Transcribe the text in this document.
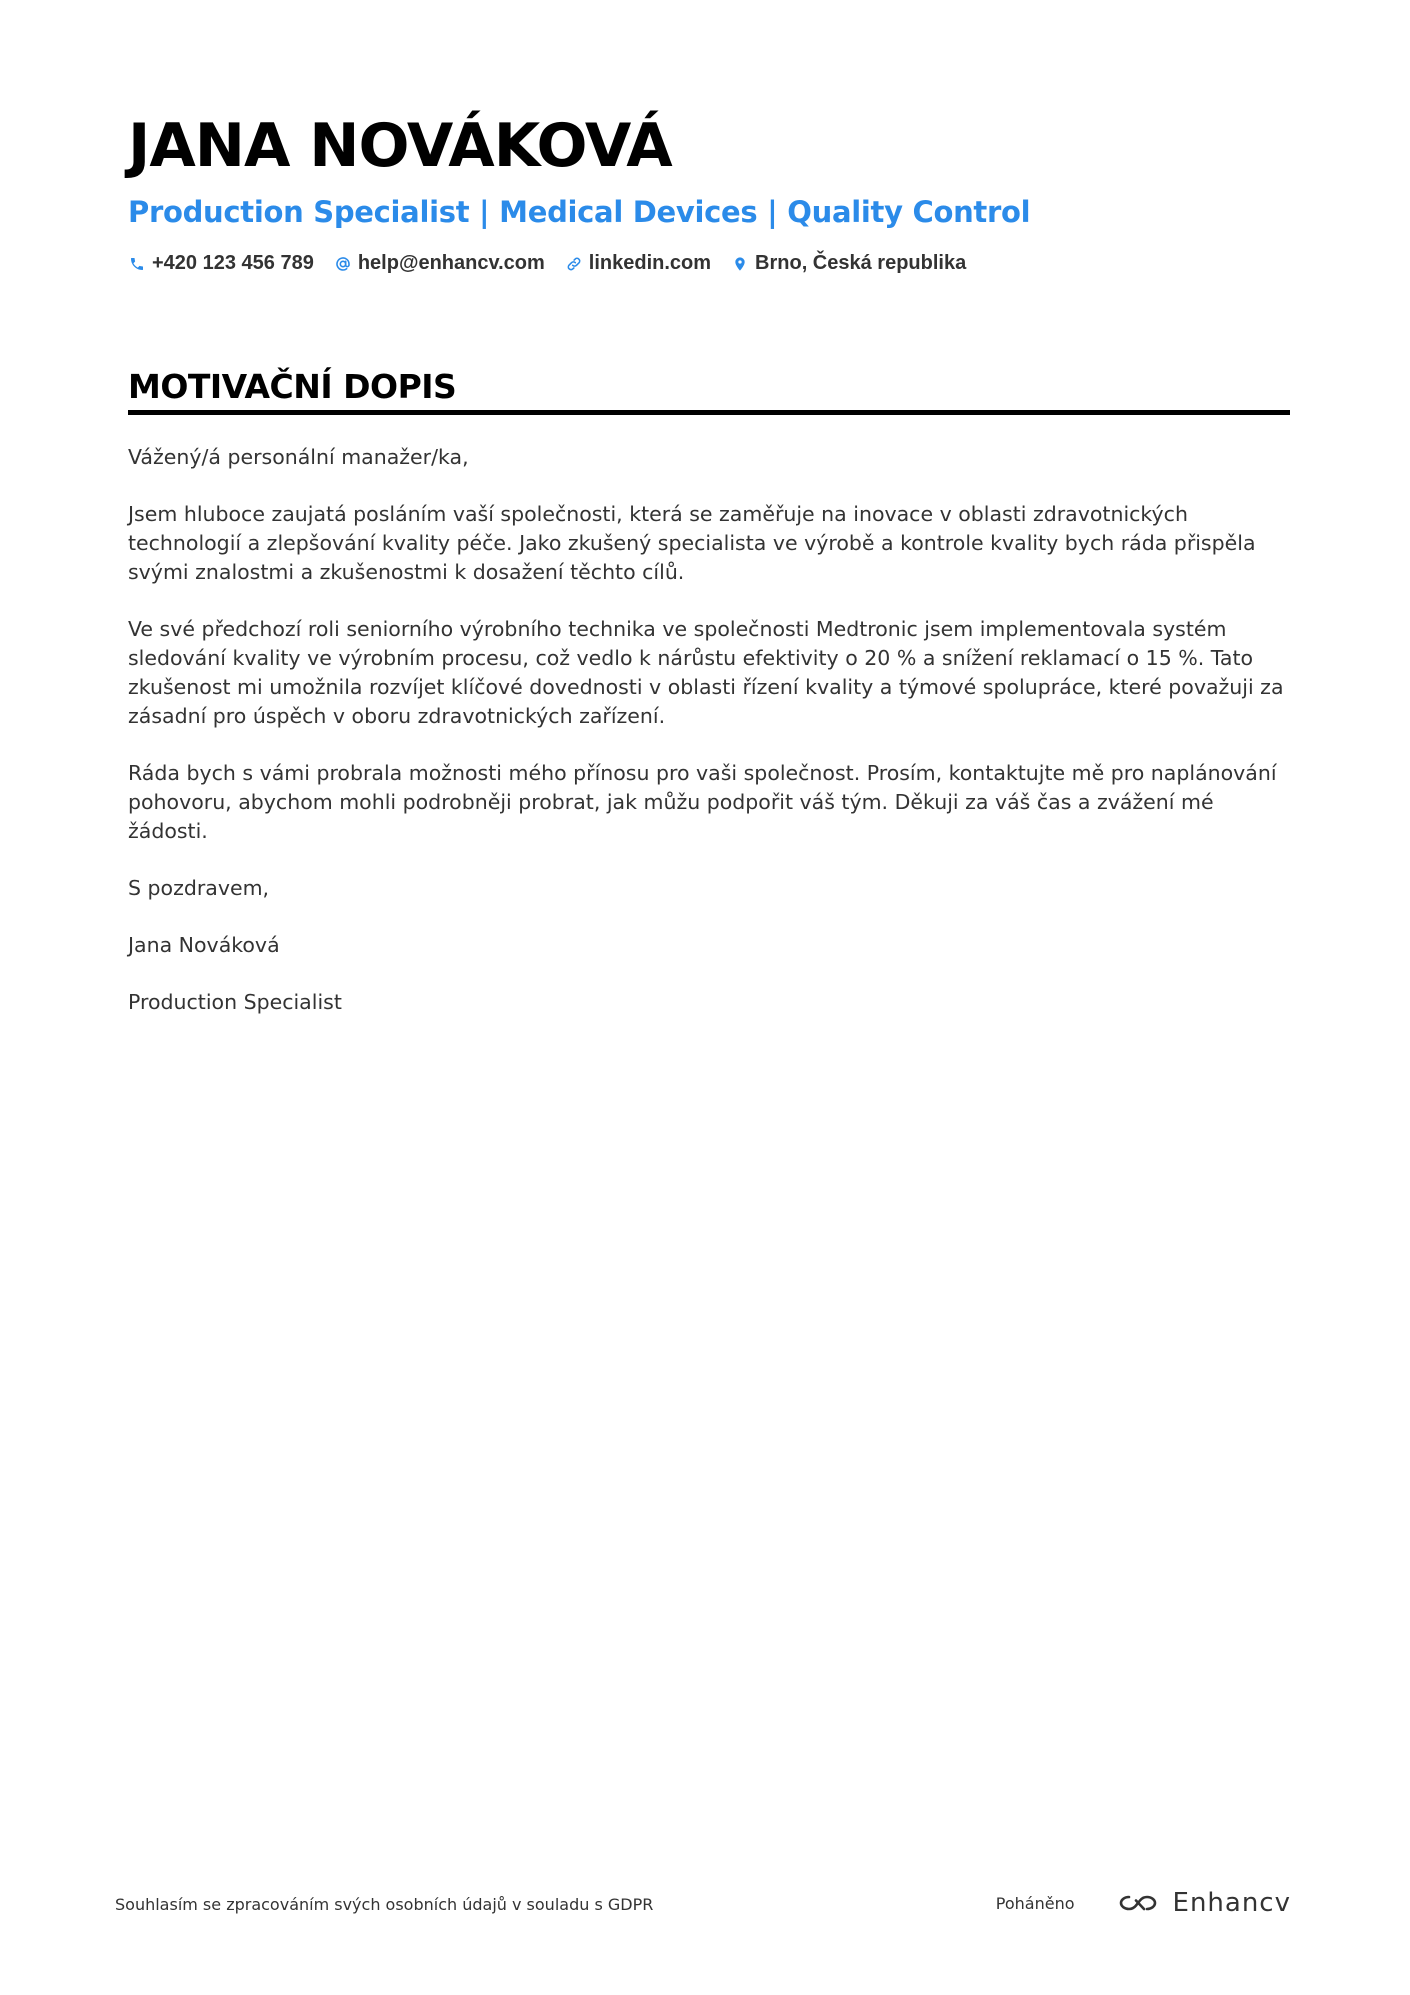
JANA NOVÁKOVÁ
Production Specialist | Medical Devices | Quality Control
+420 123 456 789 help@enhancv.com linkedin.com Brno, Česká republika
MOTIVAČNÍ DOPIS

Vážený/á personální manažer/ka,

Jsem hluboce zaujatá posláním vaší společnosti, která se zaměřuje na inovace v oblasti zdravotnických technologií a zlepšování kvality péče. Jako zkušený specialista ve výrobě a kontrole kvality bych ráda přispěla svými znalostmi a zkušenostmi k dosažení těchto cílů.

Ve své předchozí roli seniorního výrobního technika ve společnosti Medtronic jsem implementovala systém sledování kvality ve výrobním procesu, což vedlo k nárůstu efektivity o 20 % a snížení reklamací o 15 %. Tato zkušenost mi umožnila rozvíjet klíčové dovednosti v oblasti řízení kvality a týmové spolupráce, které považuji za zásadní pro úspěch v oboru zdravotnických zařízení.

Ráda bych s vámi probrala možnosti mého přínosu pro vaši společnost. Prosím, kontaktujte mě pro naplánování pohovoru, abychom mohli podrobněji probrat, jak můžu podpořit váš tým. Děkuji za váš čas a zvážení mé žádosti.

S pozdravem,

Jana Nováková

Production Specialist

Souhlasím se zpracováním svých osobních údajů v souladu s GDPR	Poháněno	Enhancv
